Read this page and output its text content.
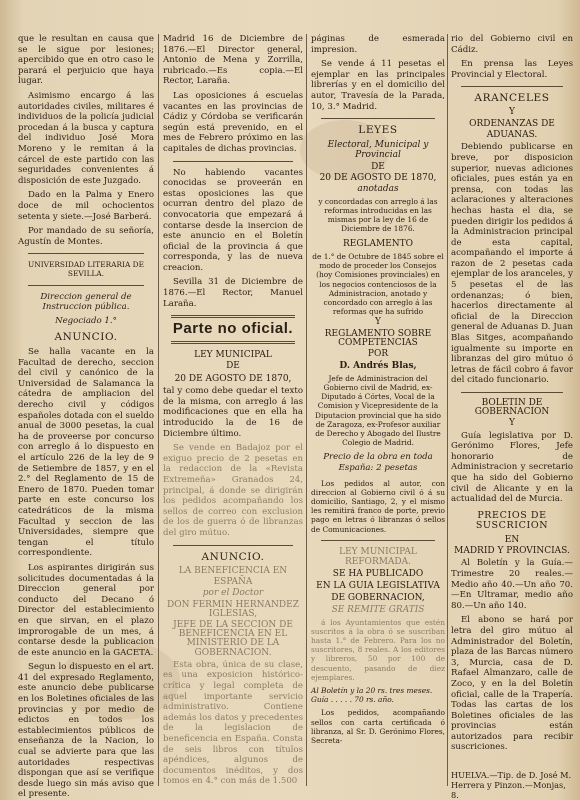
que le resultan en causa que se le sigue por lesiones; apercibido que en otro caso le parará el perjuicio que haya lugar.

Asimismo encargo á las autoridades civiles, militares é individuos de la policía judicial procedan á la busca y captura del individuo José Mora Moreno y le remitan á la cárcel de este partido con las seguridades convenientes á disposición de este Juzgado.

Dado en la Palma y Enero doce de mil ochocientos setenta y siete.—José Barberá.

Por mandado de su señoría, Agustín de Montes.

UNIVERSIDAD LITERARIA DE SEVILLA.
Direccion general de Instruccion pública.
Negociado 1.°
ANUNCIO.

Se halla vacante en la Facultad de derecho, seccion del civil y canónico de la Universidad de Salamanca la cátedra de ampliacion del derecho civil y códigos españoles dotada con el sueldo anual de 3000 pesetas, la cual ha de proveerse por concurso con arreglo á lo dispuesto en el artículo 226 de la ley de 9 de Setiembre de 1857, y en el 2.° del Reglamento de 15 de Enero de 1870. Pueden tomar parte en este concurso los catedráticos de la misma Facultad y seccion de las Universidades, siempre que tengan el título correspondiente.

Los aspirantes dirigirán sus solicitudes documentadas á la Direccion general por conducto del Decano ó Director del establecimiento en que sirvan, en el plazo improrogable de un mes, á contarse desde la publicacion de este anuncio en la GACETA.

Segun lo dispuesto en el art. 41 del expresado Reglamento, este anuncio debe publicarse en los Boletines oficiales de las provincias y por medio de edictos en todos los establecimientos públicos de enseñanza de la Nacion, lo cual se advierte para que las autoridades respectivas dispongan que así se verifique desde luego sin más aviso que el presente.

Madrid 16 de Diciembre de 1876.—El Director general, Antonio de Mena y Zorrilla, rubricado.—Es copia.—El Rector, Laraña.

Las oposiciones á escuelas vacantes en las provincias de Cádiz y Córdoba se verificarán según está prevenido, en el mes de Febrero próximo en las capitales de dichas provincias.

No habiendo vacantes conocidas se proveerán en estas oposiciones las que ocurran dentro del plazo de convocatoria que empezará á contarse desde la insercion de este anuncio en el Boletín oficial de la provincia á que corresponda, y las de nueva creacion.

Sevilla 31 de Diciembre de 1876.—El Rector, Manuel Laraña.

Parte no oficial.
LEY MUNICIPAL
DE
20 DE AGOSTO DE 1870,

tal y como debe quedar el texto de la misma, con arreglo á las modificaciones que en ella ha introducido la de 16 de Diciembre último.

Se vende en Badajoz por el exiguo precio de 2 pesetas en la redaccion de la «Revista Extremeña» Granados 24, principal, á donde se dirigirán los pedidos acompañando los sellos de correo con exclusion de los de guerra ó de libranzas del giro mútuo.

ANUNCIO.
LA BENEFICENCIA EN ESPAÑA
por el Doctor
DON FERMIN HERNANDEZ IGLESIAS,
JEFE DE LA SECCION DE BENEFICENCIA EN EL MINISTERIO DE LA GOBERNACION.

Esta obra, única de su clase, es una exposicion histórico-crítica y legal completa de aquel importante servicio administrativo. Contiene además los datos y precedentes de la legislacion de beneficencia en España. Consta de seis libros con títulos apéndices, algunos de documentos inéditos, y dos tomos en 4.° con más de 1.500

páginas de esmerada impresion.

Se vende á 11 pesetas el ejemplar en las principales librerías y en el domicilio del autor, Travesía de la Parada, 10, 3.° Madrid.

LEYES
Electoral, Municipal y Provincial
DE
20 DE AGOSTO DE 1870,
anotadas
y concordadas con arreglo á las reformas introducidas en las mismas por la ley de 16 de Diciembre de 1876.
REGLAMENTO
de 1.° de Octubre de 1845 sobre el modo de proceder los Consejos (hoy Comisiones provinciales) en los negocios contenciosos de la Administracion, anotado y concordado con arreglo á las reformas que ha sufrido
Y
REGLAMENTO SOBRE COMPETENCIAS
POR
D. Andrés Blas,
Jefe de Administracion del Gobierno civil de Madrid, ex-Diputado á Córtes, Vocal de la Comision y Vicepresidente de la Diputacion provincial que ha sido de Zaragoza, ex-Profesor auxiliar de Derecho y Abogado del Ilustre Colegio de Madrid.
Precio de la obra en toda España: 2 pesetas

Los pedidos al autor, con direccion al Gobierno civil ó á su domicilio, Santiago, 2, y el mismo les remitirá franco de porte, previo pago en letras ó libranzas ó sellos de Comunicaciones.

LEY MUNICIPAL REFORMADA.
SE HA PUBLICADO
EN LA GUIA LEGISLATIVA
DE GOBERNACION,
SE REMITE GRATIS

á los Ayuntamientos que estén suscritos á la obra ó se suscriban hasta 1.° de Febrero. Para los no suscritores, 8 reales. A los editores y libreros, 50 por 100 de descuento, pasando de diez ejemplares.

Al Boletín y la 20 rs. tres meses.
Guía . . . . . 70 rs. año.

Los pedidos, acompañando sellos con carta certificada ó libranza, al Sr. D. Gerónimo Flores, Secreta-

rio del Gobierno civil en Cádiz.

En prensa las Leyes Provincial y Electoral.

ARANCELES
Y
ORDENANZAS DE ADUANAS.

Debiendo publicarse en breve, por disposicion superior, nuevas adiciones oficiales, pues están ya en prensa, con todas las aclaraciones y alteraciones hechas hasta el dia, se pueden dirigir los pedidos á la Administracion principal de esta capital, acompañando el importe á razon de 2 pesetas cada ejemplar de los aranceles, y 5 pesetas el de las ordenanzas; ó bien, hacerlos directamente al oficial de la Direccion general de Aduanas D. Juan Blas Sitges, acompañando igualmente su importe en libranzas del giro mútuo ó letras de fácil cobro á favor del citado funcionario.

BOLETIN DE GOBERNACION
Y

Guía legislativa por D. Gerónimo Flores, Jefe honorario de Administracion y secretario que ha sido del Gobierno civil de Alicante y en la actualidad del de Murcia.

PRECIOS DE SUSCRICION
EN
MADRID Y PROVINCIAS.

Al Boletín y la Guía.—Trimestre 20 reales.—Medio año 40.—Un año 70.—En Ultramar, medio año 80.—Un año 140.

El abono se hará por letra del giro mútuo al Administrador del Boletín, plaza de las Barcas número 3, Murcia, casa de D. Rafael Almanzaro, calle de Zoco, y en la del Boletín oficial, calle de la Trapería. Todas las cartas de los Boletines oficiales de las provincias están autorizados para recibir suscriciones.

HUELVA.—Tip. de D. José M. Herrera y Pinzon.—Monjas, 8.
